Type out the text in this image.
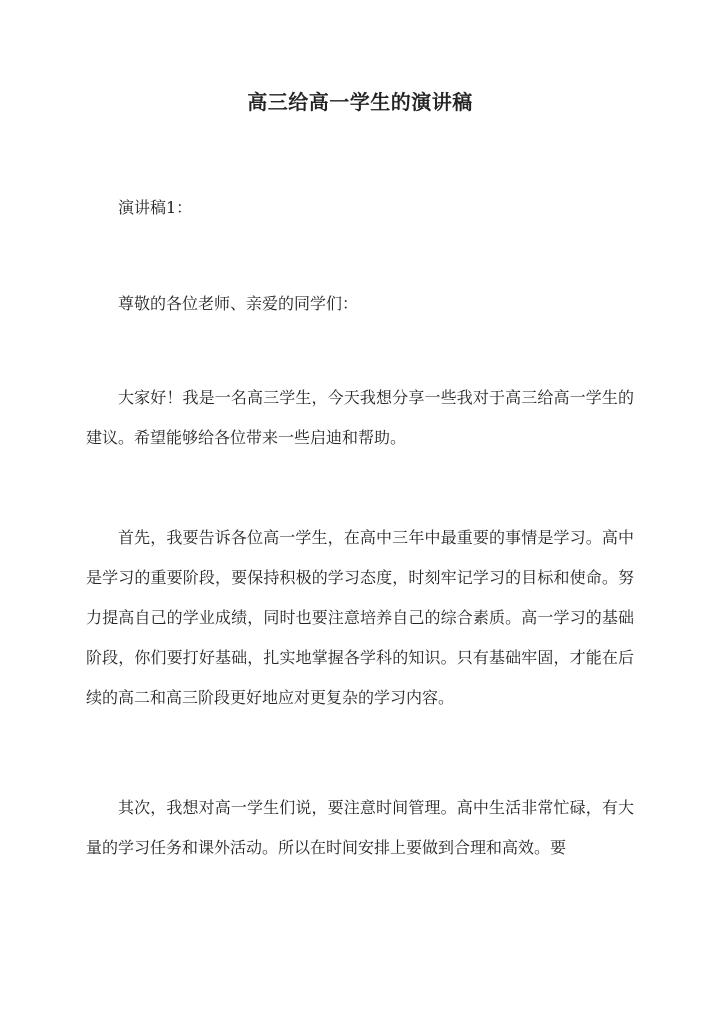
高三给高一学生的演讲稿
演讲稿1：
尊敬的各位老师、亲爱的同学们：
大家好！我是一名高三学生，今天我想分享一些我对于高三给高一学生的建议。希望能够给各位带来一些启迪和帮助。
首先，我要告诉各位高一学生，在高中三年中最重要的事情是学习。高中是学习的重要阶段，要保持积极的学习态度，时刻牢记学习的目标和使命。努力提高自己的学业成绩，同时也要注意培养自己的综合素质。高一学习的基础阶段，你们要打好基础，扎实地掌握各学科的知识。只有基础牢固，才能在后续的高二和高三阶段更好地应对更复杂的学习内容。
其次，我想对高一学生们说，要注意时间管理。高中生活非常忙碌，有大量的学习任务和课外活动。所以在时间安排上要做到合理和高效。要
